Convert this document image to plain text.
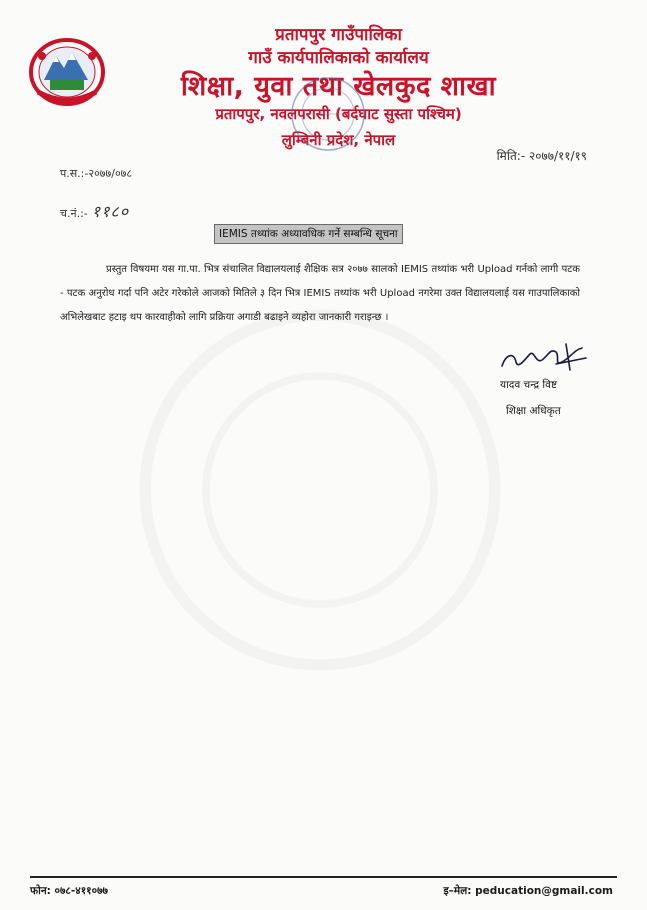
प्रतापपुर गाउँपालिका
गाउँ कार्यपालिकाको कार्यालय
शिक्षा, युवा तथा खेलकुद शाखा
प्रतापपुर, नवलपरासी (बर्दघाट सुस्ता पश्चिम)
लुम्बिनी प्रदेश, नेपाल
मिति:- २०७७/११/१९
प.स.:-२०७७/०७८
च.नं.:- ११८०
IEMIS तथ्यांक अध्यावधिक गर्ने सम्बन्धि सूचना

प्रस्तुत विषयमा यस गा.पा. भित्र संचालित विद्यालयलाई शैक्षिक सत्र २०७७ सालको IEMIS तथ्यांक भरी Upload गर्नको लागी पटक - पटक अनुरोध गर्दा पनि अटेर गरेकोले आजको मितिले ३ दिन भित्र IEMIS तथ्यांक भरी Upload नगरेमा उक्त विद्यालयलाई यस गाउपालिकाको अभिलेखबाट हटाइ थप कारवाहीको लागि प्रक्रिया अगाडी बढाइने व्यहोरा जानकारी गराइन्छ ।

यादव चन्द्र विष्ट
शिक्षा अधिकृत
फोन: ०७८-४११०७७	इ–मेल: peducation@gmail.com
